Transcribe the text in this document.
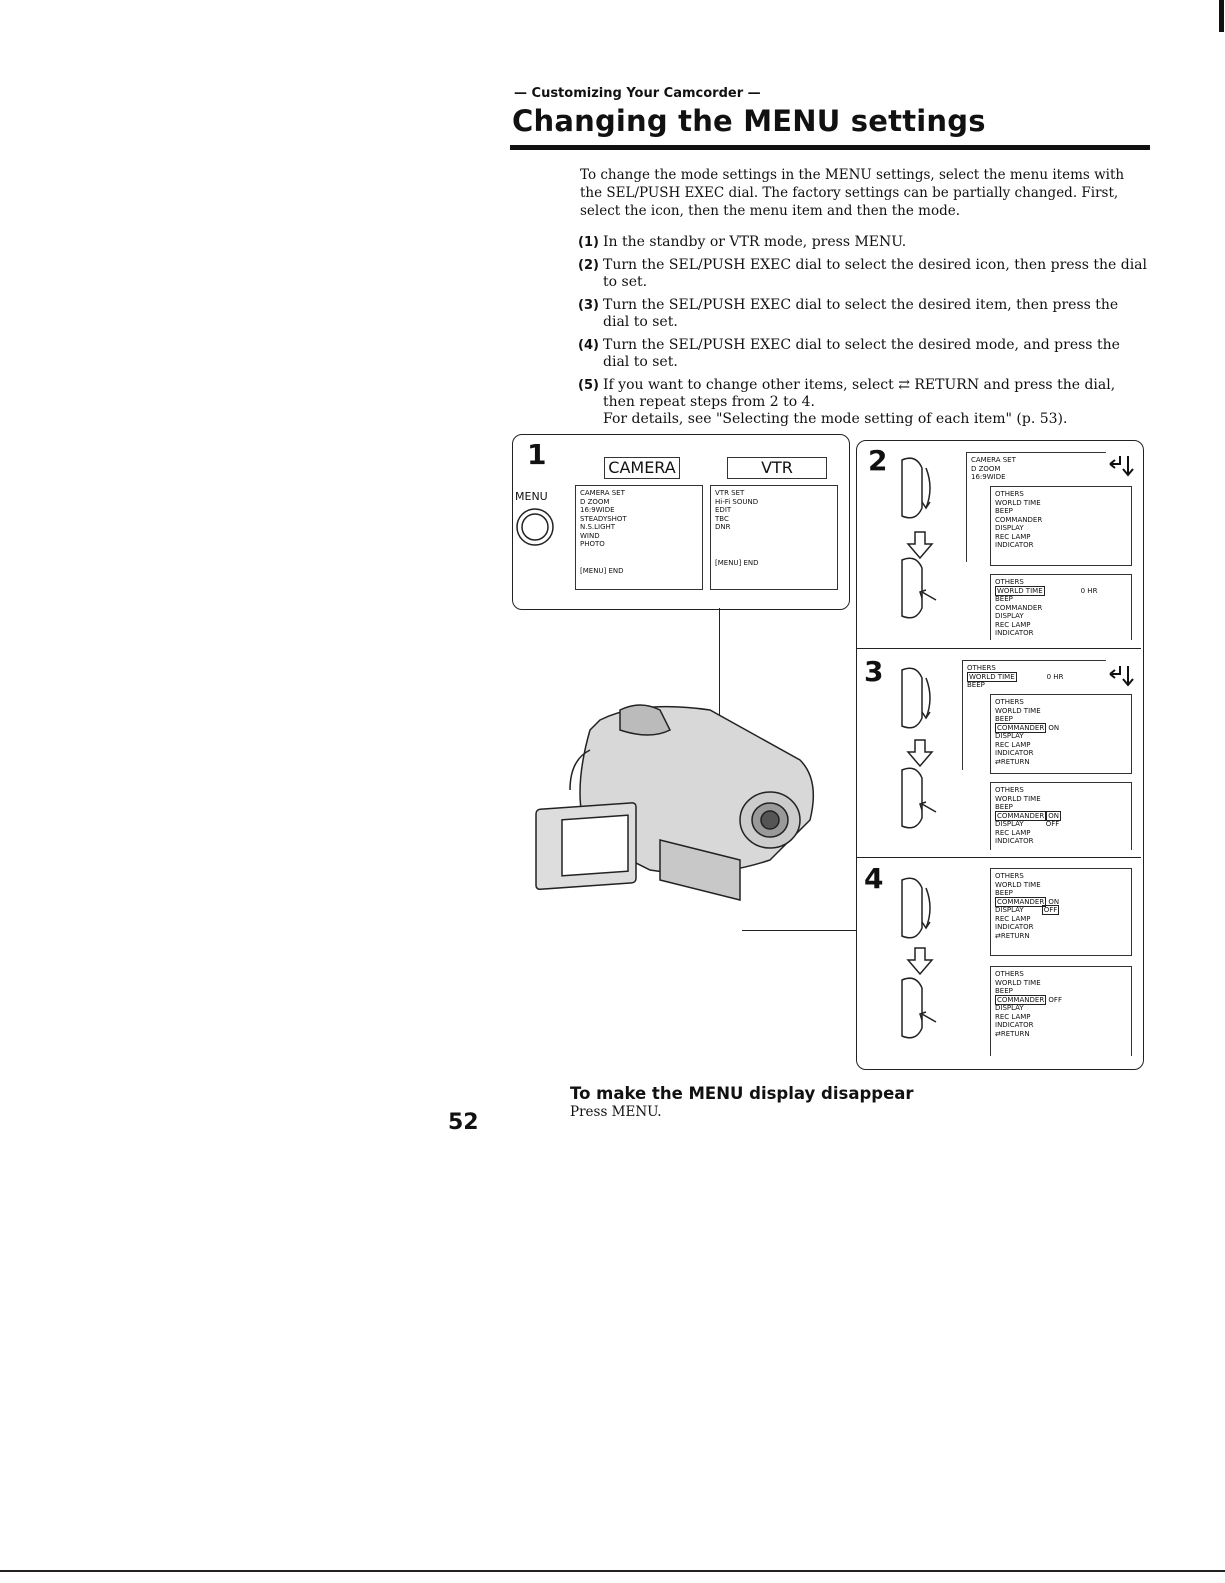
— Customizing Your Camcorder —
Changing the MENU settings
To change the mode settings in the MENU settings, select the menu items with the SEL/PUSH EXEC dial. The factory settings can be partially changed. First, select the icon, then the menu item and then the mode.
(1) In the standby or VTR mode, press MENU.
(2) Turn the SEL/PUSH EXEC dial to select the desired icon, then press the dial to set.
(3) Turn the SEL/PUSH EXEC dial to select the desired item, then press the dial to set.
(4) Turn the SEL/PUSH EXEC dial to select the desired mode, and press the dial to set.
(5) If you want to change other items, select ⇄ RETURN and press the dial, then repeat steps from 2 to 4.
For details, see "Selecting the mode setting of each item" (p. 53).
1
MENU
CAMERA	VTR
CAMERA SET
D ZOOM
16:9WIDE
STEADYSHOT
N.S.LIGHT
WIND
PHOTO
[MENU] END
VTR SET
Hi-Fi SOUND
EDIT
TBC
DNR
[MENU] END
2
3
4
CAMERA SET
D ZOOM
16:9WIDE
OTHERS
WORLD TIME
BEEP
COMMANDER
DISPLAY
REC LAMP
INDICATOR
OTHERS
WORLD TIME	0 HR
BEEP
COMMANDER
DISPLAY
REC LAMP
INDICATOR
OTHERS
WORLD TIME	0 HR
BEEP
OTHERS
WORLD TIME
BEEP
COMMANDER ON
DISPLAY
REC LAMP
INDICATOR
⇄RETURN
OTHERS
WORLD TIME
BEEP
COMMANDER ON
DISPLAY	OFF
REC LAMP
INDICATOR
OTHERS
WORLD TIME
BEEP
COMMANDER ON
DISPLAY	OFF
REC LAMP
INDICATOR
⇄RETURN
OTHERS
WORLD TIME
BEEP
COMMANDER OFF
DISPLAY
REC LAMP
INDICATOR
⇄RETURN
To make the MENU display disappear
Press MENU.
52
